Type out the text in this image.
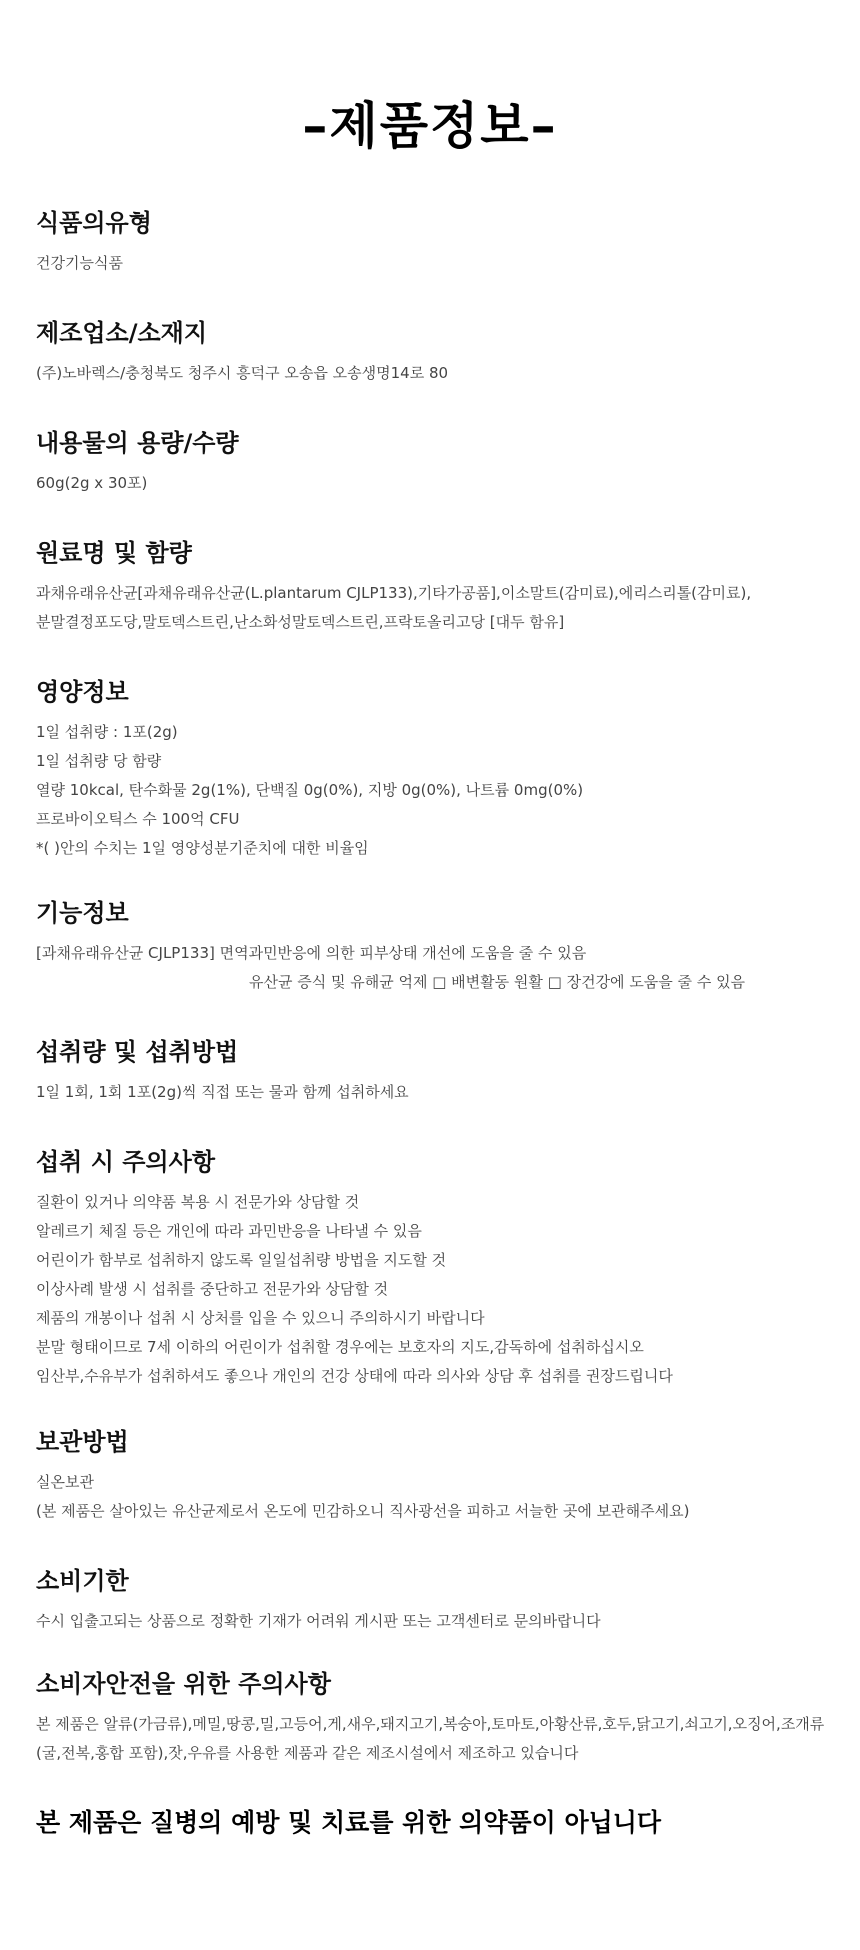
–제품정보–
식품의유형

건강기능식품

제조업소/소재지

(주)노바렉스/충청북도 청주시 흥덕구 오송읍 오송생명14로 80

내용물의 용량/수량

60g(2g x 30포)

원료명 및 함량

과채유래유산균[과채유래유산균(L.plantarum CJLP133),기타가공품],이소말트(감미료),에리스리톨(감미료),분말결정포도당,말토덱스트린,난소화성말토덱스트린,프락토올리고당 [대두 함유]

영양정보

1일 섭취량 : 1포(2g)

1일 섭취량 당 함량

열량 10kcal, 탄수화물 2g(1%), 단백질 0g(0%), 지방 0g(0%), 나트륨 0mg(0%)

프로바이오틱스 수 100억 CFU

*( )안의 수치는 1일 영양성분기준치에 대한 비율임

기능정보

[과채유래유산균 CJLP133] 면역과민반응에 의한 피부상태 개선에 도움을 줄 수 있음

유산균 증식 및 유해균 억제 □ 배변활동 원활 □ 장건강에 도움을 줄 수 있음

섭취량 및 섭취방법

1일 1회, 1회 1포(2g)씩 직접 또는 물과 함께 섭취하세요

섭취 시 주의사항

질환이 있거나 의약품 복용 시 전문가와 상담할 것

알레르기 체질 등은 개인에 따라 과민반응을 나타낼 수 있음

어린이가 함부로 섭취하지 않도록 일일섭취량 방법을 지도할 것

이상사례 발생 시 섭취를 중단하고 전문가와 상담할 것

제품의 개봉이나 섭취 시 상처를 입을 수 있으니 주의하시기 바랍니다

분말 형태이므로 7세 이하의 어린이가 섭취할 경우에는 보호자의 지도,감독하에 섭취하십시오

임산부,수유부가 섭취하셔도 좋으나 개인의 건강 상태에 따라 의사와 상담 후 섭취를 권장드립니다

보관방법

실온보관

(본 제품은 살아있는 유산균제로서 온도에 민감하오니 직사광선을 피하고 서늘한 곳에 보관해주세요)

소비기한

수시 입출고되는 상품으로 정확한 기재가 어려워 게시판 또는 고객센터로 문의바랍니다

소비자안전을 위한 주의사항

본 제품은 알류(가금류),메밀,땅콩,밀,고등어,게,새우,돼지고기,복숭아,토마토,아황산류,호두,닭고기,쇠고기,오징어,조개류(굴,전복,홍합 포함),잣,우유를 사용한 제품과 같은 제조시설에서 제조하고 있습니다

본 제품은 질병의 예방 및 치료를 위한 의약품이 아닙니다
